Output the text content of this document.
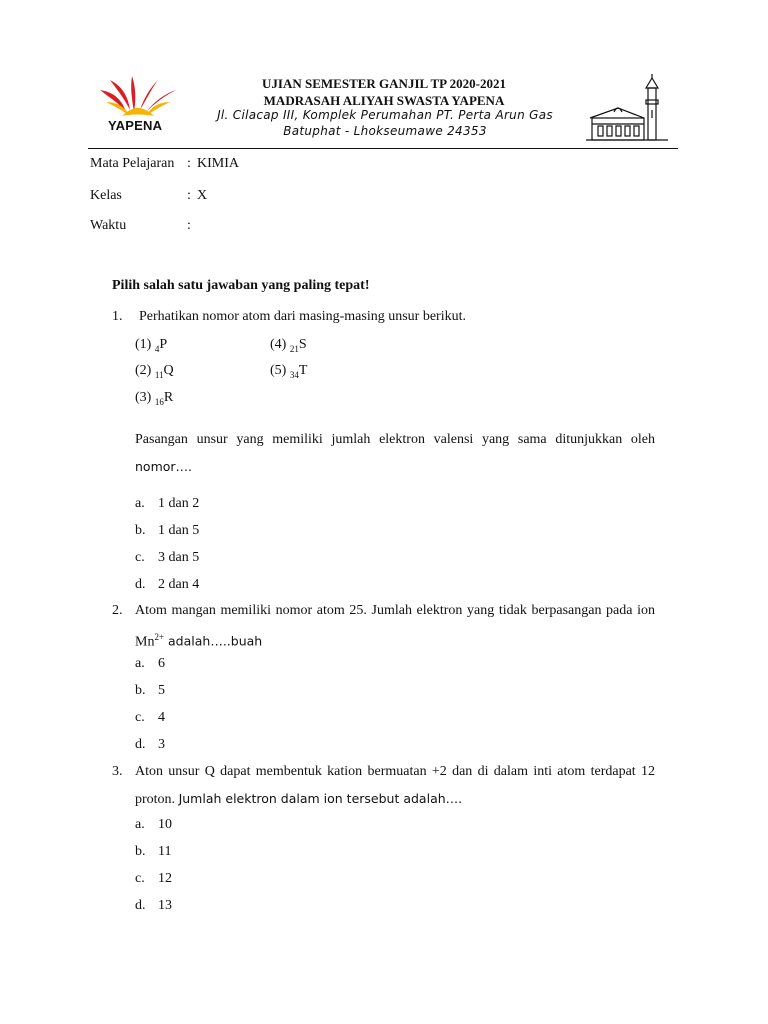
YAPENA
UJIAN SEMESTER GANJIL TP 2020-2021
MADRASAH ALIYAH SWASTA YAPENA
Jl. Cilacap III, Komplek Perumahan PT. Perta Arun Gas
Batuphat - Lhokseumawe 24353
Mata Pelajaran : KIMIA
Kelas	: X
Waktu	:
Pilih salah satu jawaban yang paling tepat!
1. Perhatikan nomor atom dari masing-masing unsur berikut.
(1) $_4$P
(2) $_{11}$Q
(3) $_{16}$R
(4) $_{21}$S
(5) $_{34}$T
Pasangan unsur yang memiliki jumlah elektron valensi yang sama ditunjukkan oleh
nomor….
a. 1 dan 2
b. 1 dan 5
c. 3 dan 5
d. 2 dan 4
2. Atom mangan memiliki nomor atom 25. Jumlah elektron yang tidak berpasangan pada ion
$Mn^{2+}$ adalah…..buah
a. 6
b. 5
c. 4
d. 3
3. Aton unsur Q dapat membentuk kation bermuatan +2 dan di dalam inti atom terdapat 12
proton. Jumlah elektron dalam ion tersebut adalah….
a. 10
b. 11
c. 12
d. 13
